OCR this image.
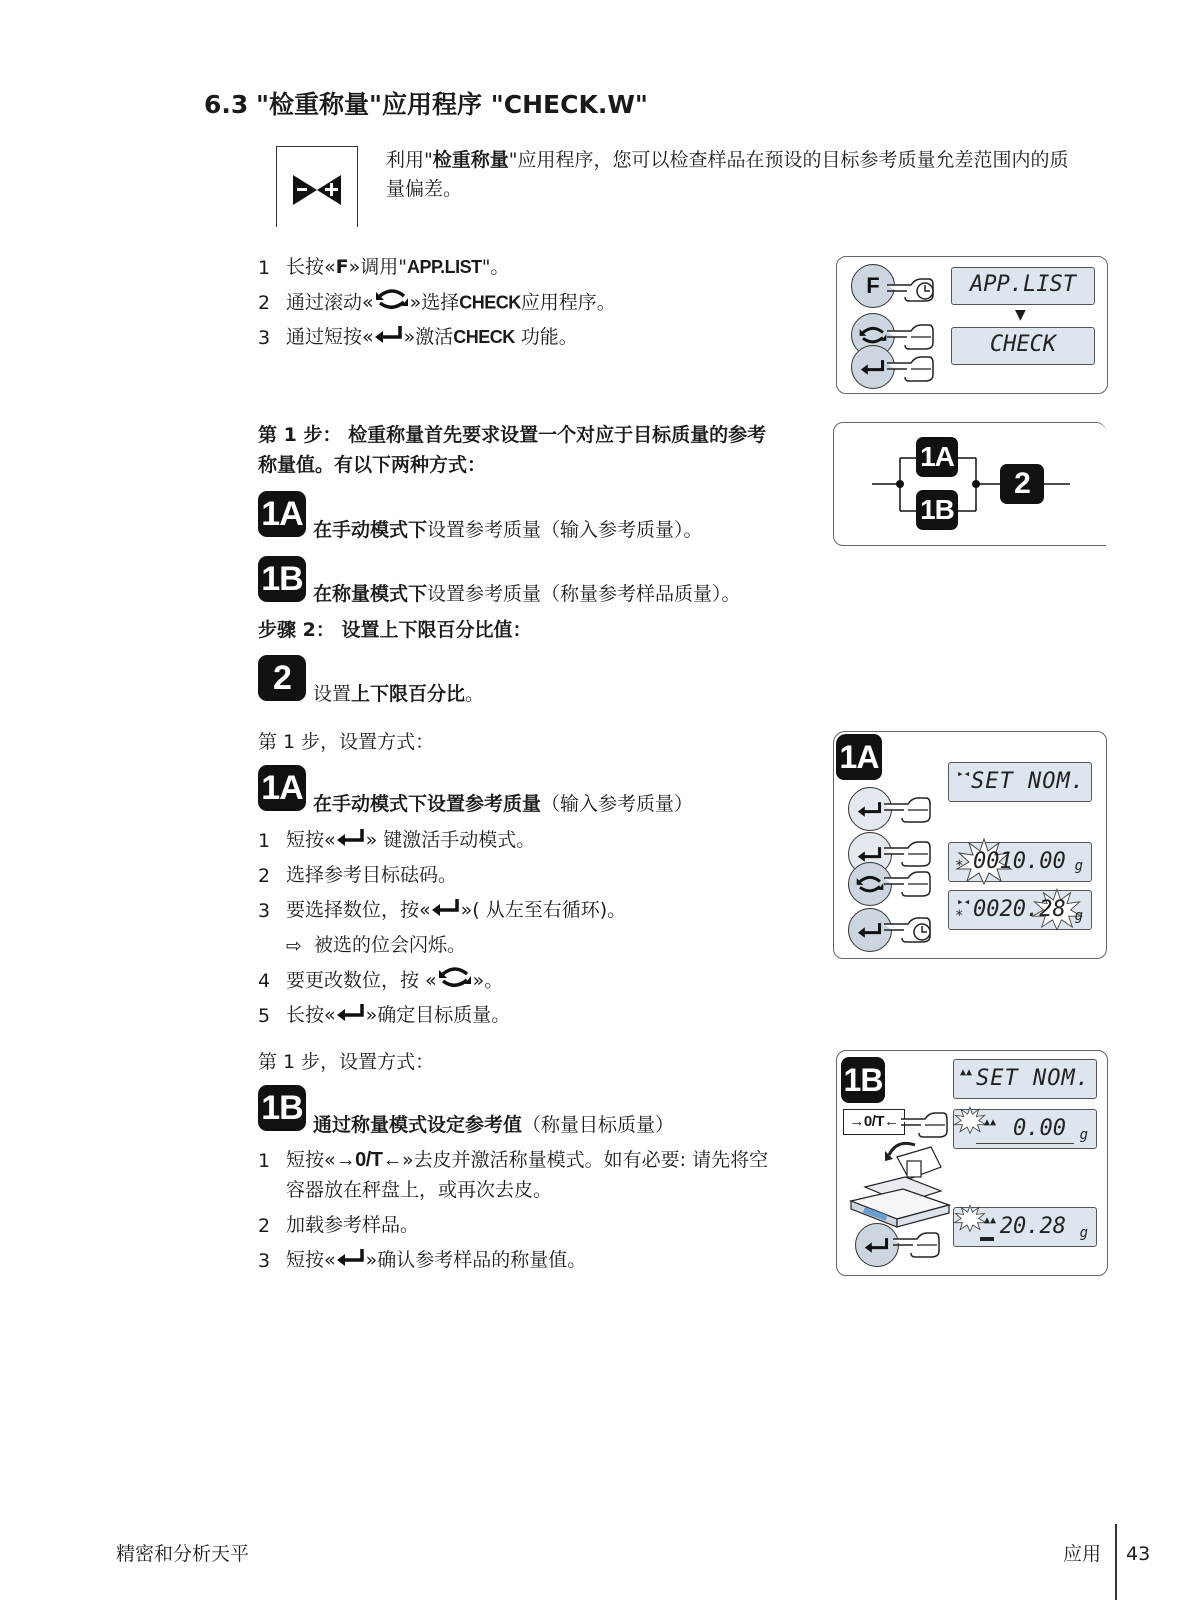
6.3 "检重称量"应用程序 "CHECK.W"
利用"检重称量"应用程序，您可以检查样品在预设的目标参考质量允差范围内的质
量偏差。
1 长按«F»调用"APP.LIST"。
2 通过滚动« »选择CHECK应用程序。
3 通过短按« »激活CHECK 功能。
F	APP.LIST
▼
CHECK
第 1 步： 检重称量首先要求设置一个对应于目标质量的参考
称量值。有以下两种方式：	1A
1B
2
1A 在手动模式下设置参考质量（输入参考质量）。
1B 在称量模式下设置参考质量（称量参考样品质量）。
步骤 2： 设置上下限百分比值：
2	设置上下限百分比。
第 1 步，设置方式：
1A 在手动模式下设置参考质量（输入参考质量）
1 短按« » 键激活手动模式。
2 选择参考目标砝码。
3 要选择数位，按« »( 从左至右循环)。
⇨ 被选的位会闪烁。
4 要更改数位，按 « »。
5 长按« »确定目标质量。
1A	▸◂ SET NOM.
* 0010.00 g
▸◂
* 0020.28 g
第 1 步，设置方式：
1B 通过称量模式设定参考值（称量目标质量）
1 短按«→0/T←»去皮并激活称量模式。如有必要: 请先将空
容器放在秤盘上，或再次去皮。
2 加载参考样品。
3 短按« »确认参考样品的称量值。
1B	▲▲ SET NOM.
→0/T←	▲▲ 0.00 g
▲▲ 20.28 g
精密和分析天平	应用 43
